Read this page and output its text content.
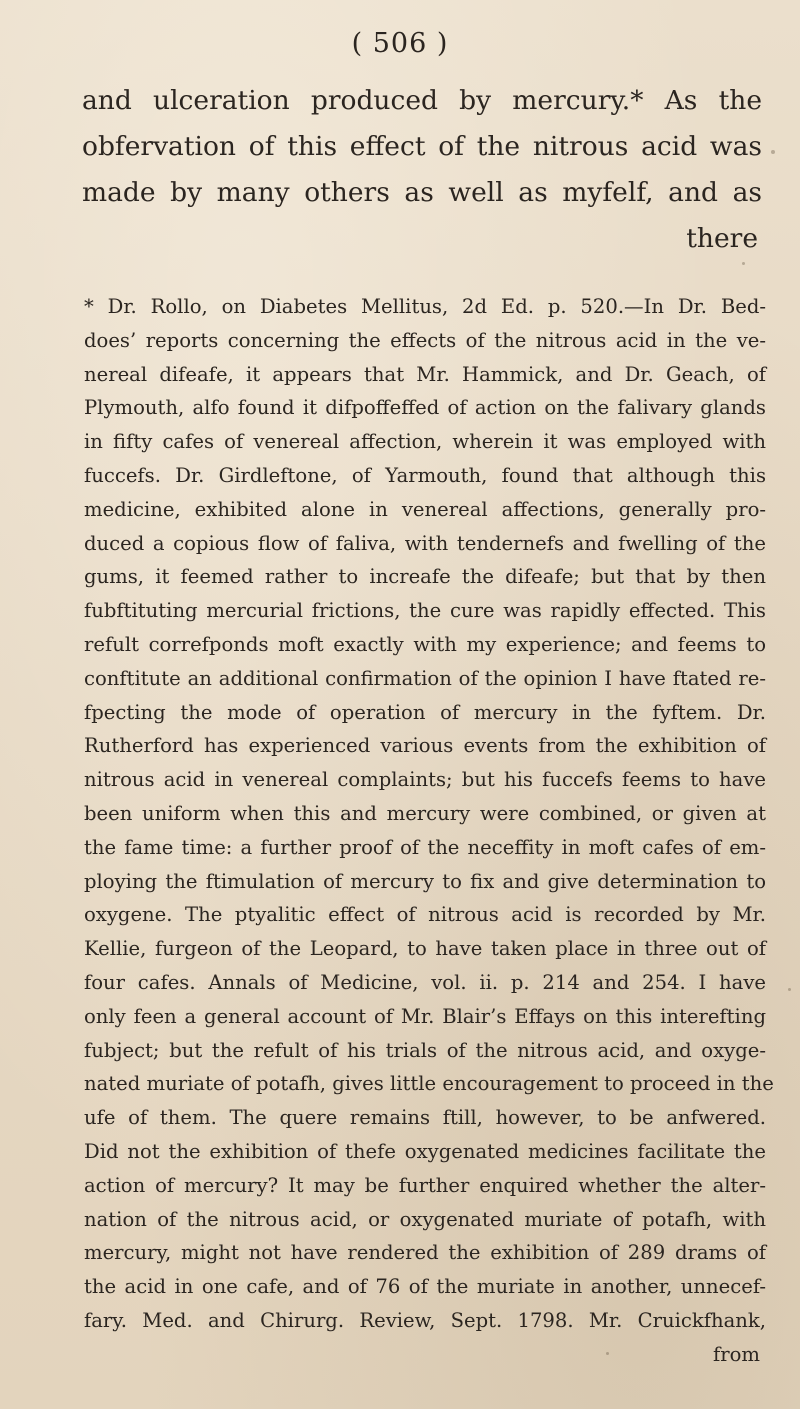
( 506 )
and ulceration produced by mercury.* As the
obfervation of this effect of the nitrous acid was
made by many others as well as myfelf, and as
there
* Dr. Rollo, on Diabetes Mellitus, 2d Ed. p. 520.—In Dr. Bed-
does’ reports concerning the effects of the nitrous acid in the ve-
nereal difeafe, it appears that Mr. Hammick, and Dr. Geach, of
Plymouth, alfo found it difpoffeffed of action on the falivary glands
in fifty cafes of venereal affection, wherein it was employed with
fuccefs. Dr. Girdleftone, of Yarmouth, found that although this
medicine, exhibited alone in venereal affections, generally pro-
duced a copious flow of faliva, with tendernefs and fwelling of the
gums, it feemed rather to increafe the difeafe; but that by then
fubftituting mercurial frictions, the cure was rapidly effected. This
refult correfponds moft exactly with my experience; and feems to
conftitute an additional confirmation of the opinion I have ftated re-
fpecting the mode of operation of mercury in the fyftem. Dr.
Rutherford has experienced various events from the exhibition of
nitrous acid in venereal complaints; but his fuccefs feems to have
been uniform when this and mercury were combined, or given at
the fame time: a further proof of the neceffity in moft cafes of em-
ploying the ftimulation of mercury to fix and give determination to
oxygene. The ptyalitic effect of nitrous acid is recorded by Mr.
Kellie, furgeon of the Leopard, to have taken place in three out of
four cafes. Annals of Medicine, vol. ii. p. 214 and 254. I have
only feen a general account of Mr. Blair’s Effays on this interefting
fubject; but the refult of his trials of the nitrous acid, and oxyge-
nated muriate of potafh, gives little encouragement to proceed in the
ufe of them. The quere remains ftill, however, to be anfwered.
Did not the exhibition of thefe oxygenated medicines facilitate the
action of mercury? It may be further enquired whether the alter-
nation of the nitrous acid, or oxygenated muriate of potafh, with
mercury, might not have rendered the exhibition of 289 drams of
the acid in one cafe, and of 76 of the muriate in another, unnecef-
fary. Med. and Chirurg. Review, Sept. 1798. Mr. Cruickfhank,
from
